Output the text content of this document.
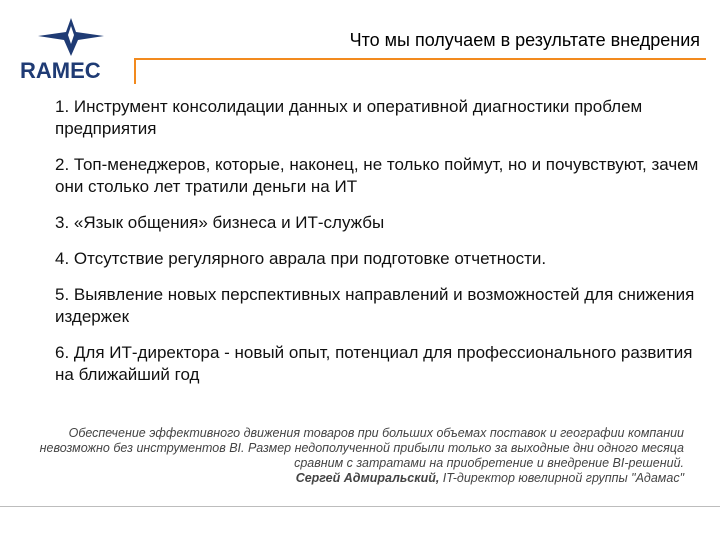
RAMEC
Что мы получаем в результате внедрения
1. Инструмент консолидации данных и оперативной диагностики проблем предприятия
2. Топ-менеджеров, которые, наконец, не только поймут, но и почувствуют, зачем они столько лет тратили деньги на ИТ
3. «Язык общения» бизнеса и ИТ-службы
4. Отсутствие регулярного аврала при подготовке отчетности.
5. Выявление новых перспективных направлений и возможностей для снижения издержек
6. Для ИТ-директора - новый опыт, потенциал для профессионального развития на ближайший год
Обеспечение эффективного движения товаров при больших объемах поставок и географии компании невозможно без инструментов BI. Размер недополученной прибыли только за выходные дни одного месяца сравним с затратами на приобретение и внедрение BI-решений.
Сергей Адмиральский, IT-директор ювелирной группы "Адамас"
